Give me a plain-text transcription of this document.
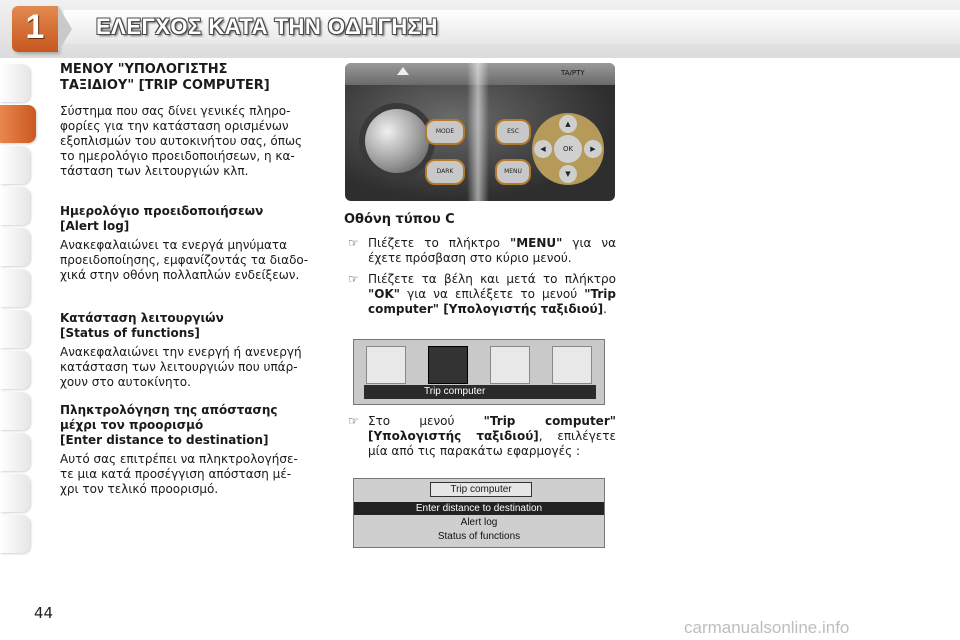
1	ΕΛΕΓΧΟΣ ΚΑΤΑ ΤΗΝ ΟΔΗΓΗΣΗ

ΜΕΝΟΥ "ΥΠΟΛΟΓΙΣΤΗΣ
ΤΑΞΙΔΙΟΥ" [TRIP COMPUTER]

Σύστημα που σας δίνει γενικές πληρο-
φορίες για την κατάσταση ορισμένων
εξοπλισμών του αυτοκινήτου σας, όπως
το ημερολόγιο προειδοποιήσεων, η κα-
τάσταση των λειτουργιών κλπ.

Ημερολόγιο προειδοποιήσεων
[Alert log]

Ανακεφαλαιώνει τα ενεργά μηνύματα
προειδοποίησης, εμφανίζοντάς τα διαδο-
χικά στην οθόνη πολλαπλών ενδείξεων.

Κατάσταση λειτουργιών
[Status of functions]

Ανακεφαλαιώνει την ενεργή ή ανενεργή
κατάσταση των λειτουργιών που υπάρ-
χουν στο αυτοκίνητο.

Πληκτρολόγηση της απόστασης
μέχρι τον προορισμό
[Enter distance to destination]

Αυτό σας επιτρέπει να πληκτρολογήσε-
τε μια κατά προσέγγιση απόσταση μέ-
χρι τον τελικό προορισμό.

TA/PTY
MODE
DARK
ESC
MENU
▲
▼
◀	▶
OK

Οθόνη τύπου C

☞ Πιέζετε το πλήκτρο "MENU" για να έχετε πρόσβαση στο κύριο μενού.

☞ Πιέζετε τα βέλη και μετά το πλήκτρο "OK" για να επιλέξετε το μενού "Trip computer" [Υπολογιστής ταξιδιού].

Trip computer

☞ Στο μενού "Trip computer" [Υπολογιστής ταξιδιού], επιλέγετε μία από τις παρακάτω εφαρμογές :

Trip computer
Enter distance to destination
Alert log
Status of functions
44
carmanualsonline.info
